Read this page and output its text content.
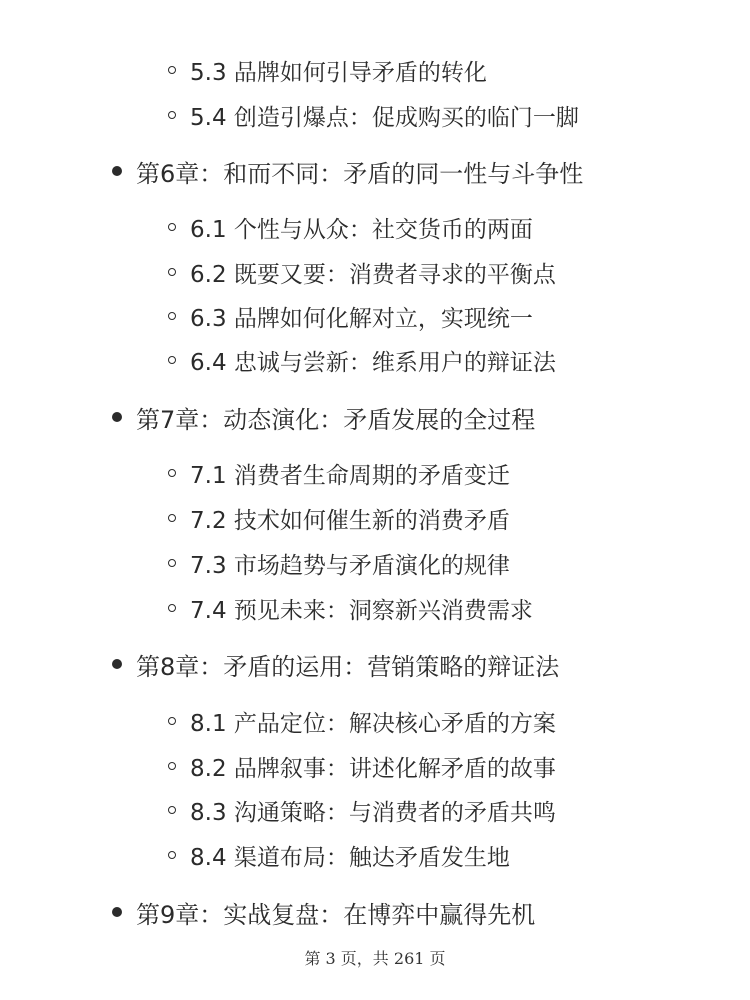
5.3 品牌如何引导矛盾的转化
5.4 创造引爆点：促成购买的临门一脚
第6章：和而不同：矛盾的同一性与斗争性
6.1 个性与从众：社交货币的两面
6.2 既要又要：消费者寻求的平衡点
6.3 品牌如何化解对立，实现统一
6.4 忠诚与尝新：维系用户的辩证法
第7章：动态演化：矛盾发展的全过程
7.1 消费者生命周期的矛盾变迁
7.2 技术如何催生新的消费矛盾
7.3 市场趋势与矛盾演化的规律
7.4 预见未来：洞察新兴消费需求
第8章：矛盾的运用：营销策略的辩证法
8.1 产品定位：解决核心矛盾的方案
8.2 品牌叙事：讲述化解矛盾的故事
8.3 沟通策略：与消费者的矛盾共鸣
8.4 渠道布局：触达矛盾发生地
第9章：实战复盘：在博弈中赢得先机
第 3 页，共 261 页
